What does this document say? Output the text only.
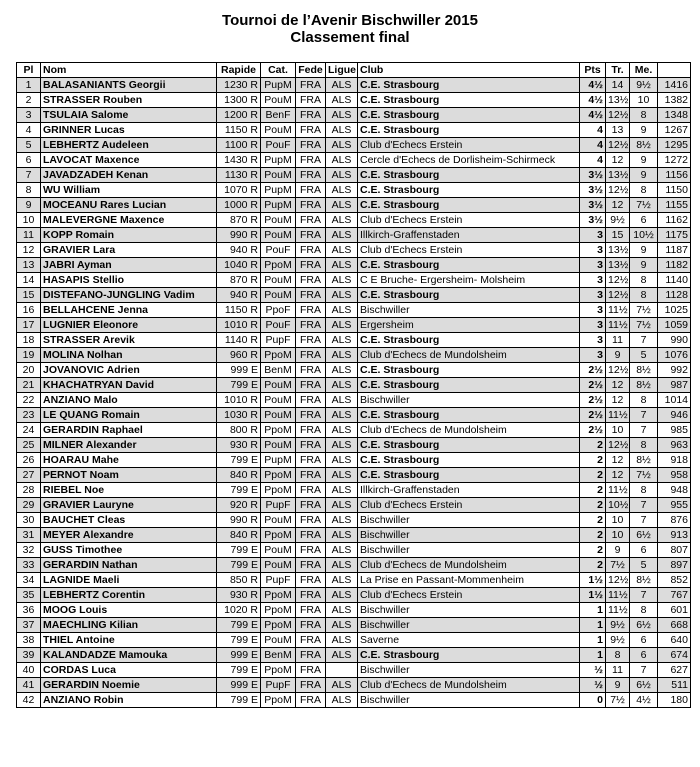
Tournoi de l’Avenir Bischwiller 2015
Classement final
Pl	Nom	Rapide	Cat.	Fede	Ligue	Club	Pts	Tr.	Me.	
1	BALASANIANTS Georgii	1230 R	PupM	FRA	ALS	C.E. Strasbourg	4½	14	9½	1416
2	STRASSER Rouben	1300 R	PouM	FRA	ALS	C.E. Strasbourg	4½	13½	10	1382
3	TSULAIA Salome	1200 R	BenF	FRA	ALS	C.E. Strasbourg	4½	12½	8	1348
4	GRINNER Lucas	1150 R	PouM	FRA	ALS	C.E. Strasbourg	4	13	9	1267
5	LEBHERTZ Audeleen	1100 R	PouF	FRA	ALS	Club d'Echecs Erstein	4	12½	8½	1295
6	LAVOCAT Maxence	1430 R	PupM	FRA	ALS	Cercle d'Echecs de Dorlisheim-Schirmeck	4	12	9	1272
7	JAVADZADEH Kenan	1130 R	PouM	FRA	ALS	C.E. Strasbourg	3½	13½	9	1156
8	WU William	1070 R	PupM	FRA	ALS	C.E. Strasbourg	3½	12½	8	1150
9	MOCEANU Rares Lucian	1000 R	PupM	FRA	ALS	C.E. Strasbourg	3½	12	7½	1155
10	MALEVERGNE Maxence	870 R	PouM	FRA	ALS	Club d'Echecs Erstein	3½	9½	6	1162
11	KOPP Romain	990 R	PouM	FRA	ALS	Illkirch-Graffenstaden	3	15	10½	1175
12	GRAVIER Lara	940 R	PouF	FRA	ALS	Club d'Echecs Erstein	3	13½	9	1187
13	JABRI Ayman	1040 R	PpoM	FRA	ALS	C.E. Strasbourg	3	13½	9	1182
14	HASAPIS Stellio	870 R	PouM	FRA	ALS	C E Bruche- Ergersheim- Molsheim	3	12½	8	1140
15	DISTEFANO-JUNGLING Vadim	940 R	PouM	FRA	ALS	C.E. Strasbourg	3	12½	8	1128
16	BELLAHCENE Jenna	1150 R	PpoF	FRA	ALS	Bischwiller	3	11½	7½	1025
17	LUGNIER Eleonore	1010 R	PouF	FRA	ALS	Ergersheim	3	11½	7½	1059
18	STRASSER Arevik	1140 R	PupF	FRA	ALS	C.E. Strasbourg	3	11	7	990
19	MOLINA Nolhan	960 R	PpoM	FRA	ALS	Club d'Echecs de Mundolsheim	3	9	5	1076
20	JOVANOVIC Adrien	999 E	BenM	FRA	ALS	C.E. Strasbourg	2½	12½	8½	992
21	KHACHATRYAN David	799 E	PouM	FRA	ALS	C.E. Strasbourg	2½	12	8½	987
22	ANZIANO Malo	1010 R	PouM	FRA	ALS	Bischwiller	2½	12	8	1014
23	LE QUANG Romain	1030 R	PouM	FRA	ALS	C.E. Strasbourg	2½	11½	7	946
24	GERARDIN Raphael	800 R	PpoM	FRA	ALS	Club d'Echecs de Mundolsheim	2½	10	7	985
25	MILNER Alexander	930 R	PouM	FRA	ALS	C.E. Strasbourg	2	12½	8	963
26	HOARAU Mahe	799 E	PupM	FRA	ALS	C.E. Strasbourg	2	12	8½	918
27	PERNOT Noam	840 R	PpoM	FRA	ALS	C.E. Strasbourg	2	12	7½	958
28	RIEBEL Noe	799 E	PpoM	FRA	ALS	Illkirch-Graffenstaden	2	11½	8	948
29	GRAVIER Lauryne	920 R	PupF	FRA	ALS	Club d'Echecs Erstein	2	10½	7	955
30	BAUCHET Cleas	990 R	PouM	FRA	ALS	Bischwiller	2	10	7	876
31	MEYER Alexandre	840 R	PpoM	FRA	ALS	Bischwiller	2	10	6½	913
32	GUSS Timothee	799 E	PouM	FRA	ALS	Bischwiller	2	9	6	807
33	GERARDIN Nathan	799 E	PouM	FRA	ALS	Club d'Echecs de Mundolsheim	2	7½	5	897
34	LAGNIDE Maeli	850 R	PupF	FRA	ALS	La Prise en Passant-Mommenheim	1½	12½	8½	852
35	LEBHERTZ Corentin	930 R	PpoM	FRA	ALS	Club d'Echecs Erstein	1½	11½	7	767
36	MOOG Louis	1020 R	PpoM	FRA	ALS	Bischwiller	1	11½	8	601
37	MAECHLING Kilian	799 E	PpoM	FRA	ALS	Bischwiller	1	9½	6½	668
38	THIEL Antoine	799 E	PouM	FRA	ALS	Saverne	1	9½	6	640
39	KALANDADZE Mamouka	999 E	BenM	FRA	ALS	C.E. Strasbourg	1	8	6	674
40	CORDAS Luca	799 E	PpoM	FRA		Bischwiller	½	11	7	627
41	GERARDIN Noemie	999 E	PupF	FRA	ALS	Club d'Echecs de Mundolsheim	½	9	6½	511
42	ANZIANO Robin	799 E	PpoM	FRA	ALS	Bischwiller	0	7½	4½	180
